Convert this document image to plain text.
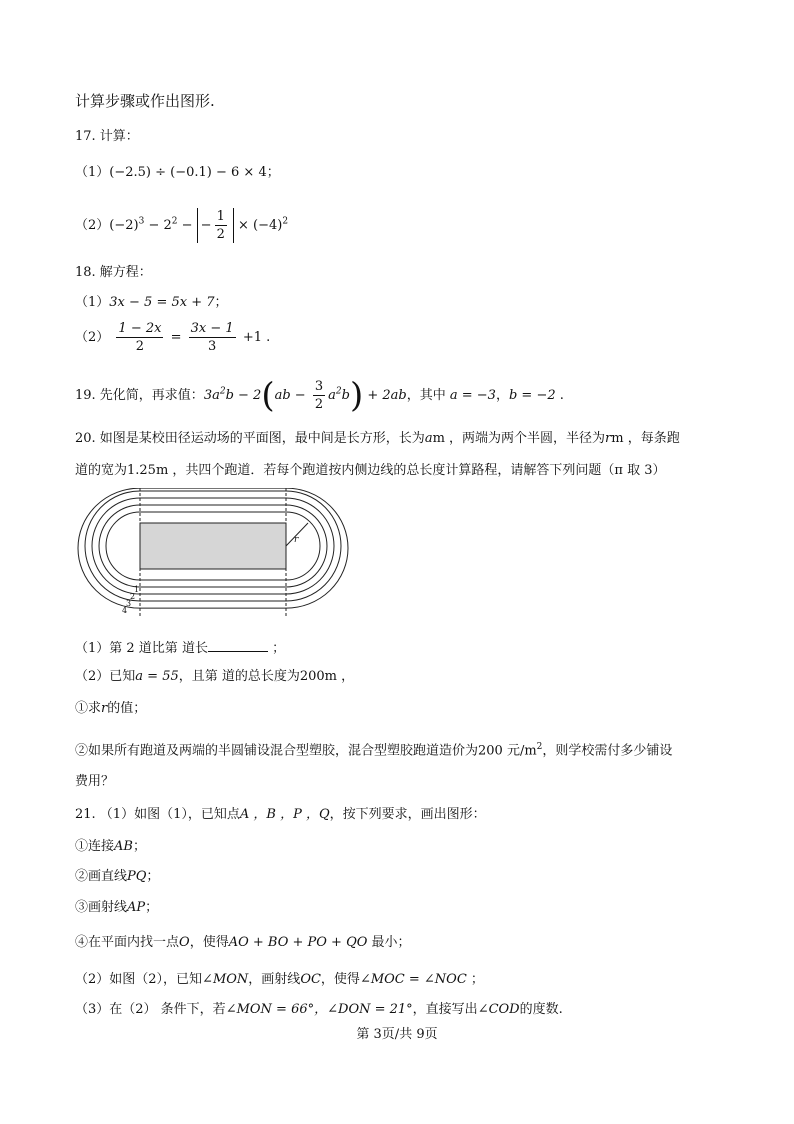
计算步骤或作出图形.
17. 计算：
（1）(−2.5) ÷ (−0.1) − 6 × 4；
$(2)(-2)^3 - 2^2$ − − $\frac{1}{2} \times (-4)^2$
18. 解方程：
（1）3x − 5 = 5x + 7；
$(2) \frac{1 - 2x}{2} = \frac{3x - 1}{3} +1$ .
19. 先化简，再求值：$3a^2b - 2(ab - \frac{3}{2} a^2b) + 2ab$，其中 a = −3，b = −2 .
20. 如图是某校田径运动场的平面图，最中间是长方形，长为am ，两端为两个半圆，半径为rm ，每条跑
道的宽为1.25m ，共四个跑道．若每个跑道按内侧边线的总长度计算路程，请解答下列问题（π 取 3）
r
1
2
3
4
（1）第 2 道比第 道长	；
（2）已知a = 55，且第 道的总长度为200m ，
①求r的值；
②如果所有跑道及两端的半圆铺设混合型塑胶，混合型塑胶跑道造价为200 元$/m^2$，则学校需付多少铺设
费用？
21. （1）如图（1），已知点A ，B ，P ，Q，按下列要求，画出图形：
①连接AB；
②画直线PQ；
③画射线AP；
④在平面内找一点O，使得AO + BO + PO + QO 最小；
（2）如图（2），已知∠MON，画射线OC，使得∠MOC = ∠NOC ；
（3）在（2） 条件下，若∠MON = 66°，∠DON = 21°，直接写出∠COD的度数.
第 3页/共 9页
